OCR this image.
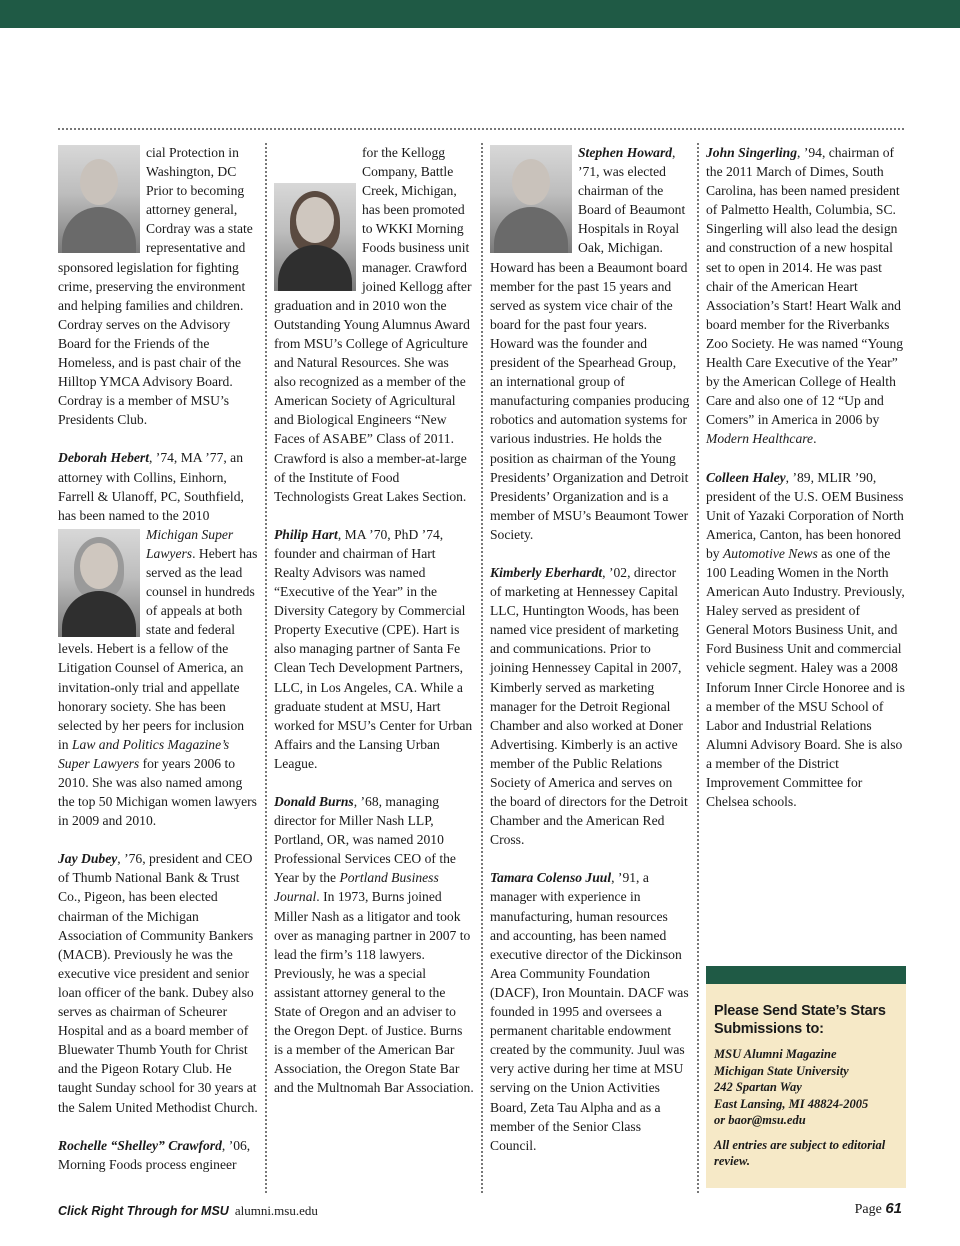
cial Protection in Washington, DC Prior to becoming attorney general, Cordray was a state representative and sponsored legislation for fighting crime, preserving the environment and helping families and children. Cordray serves on the Advisory Board for the Friends of the Homeless, and is past chair of the Hilltop YMCA Advisory Board. Cordray is a member of MSU’s Presidents Club.

Deborah Hebert, ’74, MA ’77, an attorney with Collins, Einhorn, Farrell & Ulanoff, PC, Southfield, has been named to the 2010
Michigan Super Lawyers. Hebert has served as the lead counsel in hundreds of appeals at both state and federal levels. Hebert is a fellow of the Litigation Counsel of America, an invitation-only trial and appellate honorary society. She has been selected by her peers for inclusion in Law and Politics Magazine’s Super Lawyers for years 2006 to 2010. She was also named among the top 50 Michigan women lawyers in 2009 and 2010.

Jay Dubey, ’76, president and CEO of Thumb National Bank & Trust Co., Pigeon, has been elected chairman of the Michigan Association of Community Bankers (MACB). Previously he was the executive vice president and senior loan officer of the bank. Dubey also serves as chairman of Scheurer Hospital and as a board member of Bluewater Thumb Youth for Christ and the Pigeon Rotary Club. He taught Sunday school for 30 years at the Salem United Methodist Church.

Rochelle “Shelley” Crawford, ’06, Morning Foods process engineer

for the Kellogg Company, Battle Creek, Michigan, has been promoted to WKKI Morning Foods business unit manager. Crawford joined Kellogg after graduation and in 2010 won the Outstanding Young Alumnus Award from MSU’s College of Agriculture and Natural Resources. She was also recognized as a member of the American Society of Agricultural and Biological Engineers “New Faces of ASABE” Class of 2011. Crawford is also a member-at-large of the Institute of Food Technologists Great Lakes Section.

Philip Hart, MA ’70, PhD ’74, founder and chairman of Hart Realty Advisors was named “Executive of the Year” in the Diversity Category by Commercial Property Executive (CPE). Hart is also managing partner of Santa Fe Clean Tech Development Partners, LLC, in Los Angeles, CA. While a graduate student at MSU, Hart worked for MSU’s Center for Urban Affairs and the Lansing Urban League.

Donald Burns, ’68, managing director for Miller Nash LLP, Portland, OR, was named 2010 Professional Services CEO of the Year by the Portland Business Journal. In 1973, Burns joined Miller Nash as a litigator and took over as managing partner in 2007 to lead the firm’s 118 lawyers. Previously, he was a special assistant attorney general to the State of Oregon and an adviser to the Oregon Dept. of Justice. Burns is a member of the American Bar Association, the Oregon State Bar and the Multnomah Bar Association.

Stephen Howard, ’71, was elected chairman of the Board of Beaumont Hospitals in Royal Oak, Michigan. Howard has been a Beaumont board member for the past 15 years and served as system vice chair of the board for the past four years. Howard was the founder and president of the Spearhead Group, an international group of manufacturing companies producing robotics and automation systems for various industries. He holds the position as chairman of the Young Presidents’ Organization and Detroit Presidents’ Organization and is a member of MSU’s Beaumont Tower Society.

Kimberly Eberhardt, ’02, director of marketing at Hennessey Capital LLC, Huntington Woods, has been named vice president of marketing and communications. Prior to joining Hennessey Capital in 2007, Kimberly served as marketing manager for the Detroit Regional Chamber and also worked at Doner Advertising. Kimberly is an active member of the Public Relations Society of America and serves on the board of directors for the Detroit Chamber and the American Red Cross.

Tamara Colenso Juul, ’91, a manager with experience in manufacturing, human resources and accounting, has been named executive director of the Dickinson Area Community Foundation (DACF), Iron Mountain. DACF was founded in 1995 and oversees a permanent charitable endowment created by the community. Juul was very active during her time at MSU serving on the Union Activities Board, Zeta Tau Alpha and as a member of the Senior Class Council.

John Singerling, ’94, chairman of the 2011 March of Dimes, South Carolina, has been named president of Palmetto Health, Columbia, SC. Singerling will also lead the design and construction of a new hospital set to open in 2014. He was past chair of the American Heart Association’s Start! Heart Walk and board member for the Riverbanks Zoo Society. He was named “Young Health Care Executive of the Year” by the American College of Health Care and also one of 12 “Up and Comers” in America in 2006 by Modern Healthcare.

Colleen Haley, ’89, MLIR ’90, president of the U.S. OEM Business Unit of Yazaki Corporation of North America, Canton, has been honored by Automotive News as one of the 100 Leading Women in the North American Auto Industry. Previously, Haley served as president of General Motors Business Unit, and Ford Business Unit and commercial vehicle segment. Haley was a 2008 Inforum Inner Circle Honoree and is a member of the MSU School of Labor and Industrial Relations Alumni Advisory Board. She is also a member of the District Improvement Committee for Chelsea schools.

Please Send State’s Stars Submissions to:
MSU Alumni Magazine
Michigan State University
242 Spartan Way
East Lansing, MI 48824-2005
or baor@msu.edu
All entries are subject to editorial review.
Click Right Through for MSU alumni.msu.edu	Page 61
